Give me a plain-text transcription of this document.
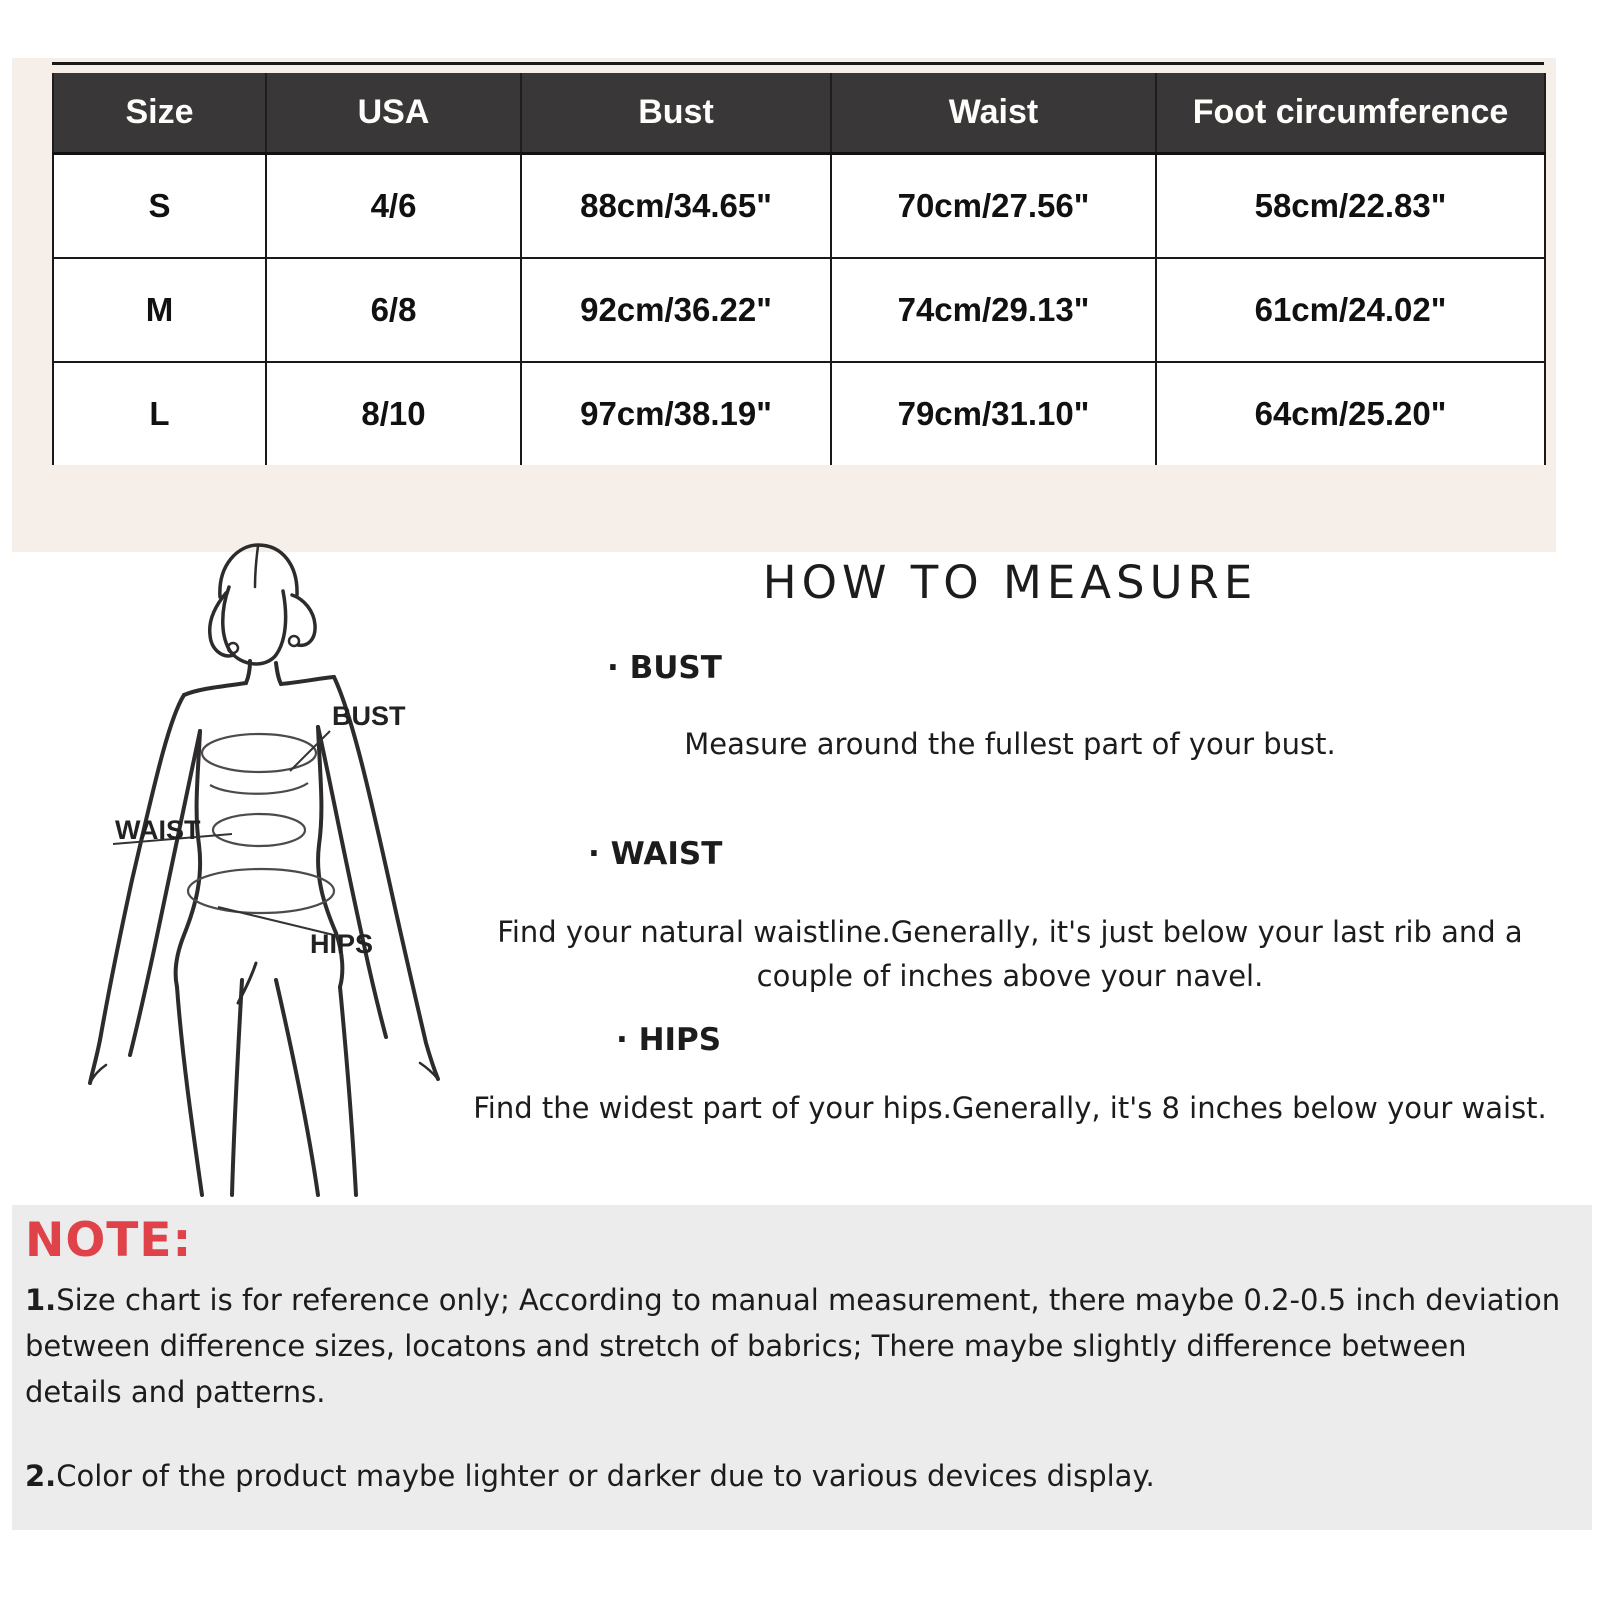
Size	USA	Bust	Waist	Foot circumference
S	4/6	88cm/34.65"	70cm/27.56"	58cm/22.83"
M	6/8	92cm/36.22"	74cm/29.13"	61cm/24.02"
L	8/10	97cm/38.19"	79cm/31.10"	64cm/25.20"
BUST
WAIST
HIPS
HOW TO MEASURE
· BUST
Measure around the fullest part of your bust.
· WAIST
Find your natural waistline.Generally, it's just below your last rib and a couple of inches above your navel.
· HIPS
Find the widest part of your hips.Generally, it's 8 inches below your waist.
NOTE:
1.Size chart is for reference only; According to manual measurement, there maybe 0.2-0.5 inch deviation between difference sizes, locatons and stretch of babrics; There maybe slightly difference between details and patterns.
2.Color of the product maybe lighter or darker due to various devices display.
